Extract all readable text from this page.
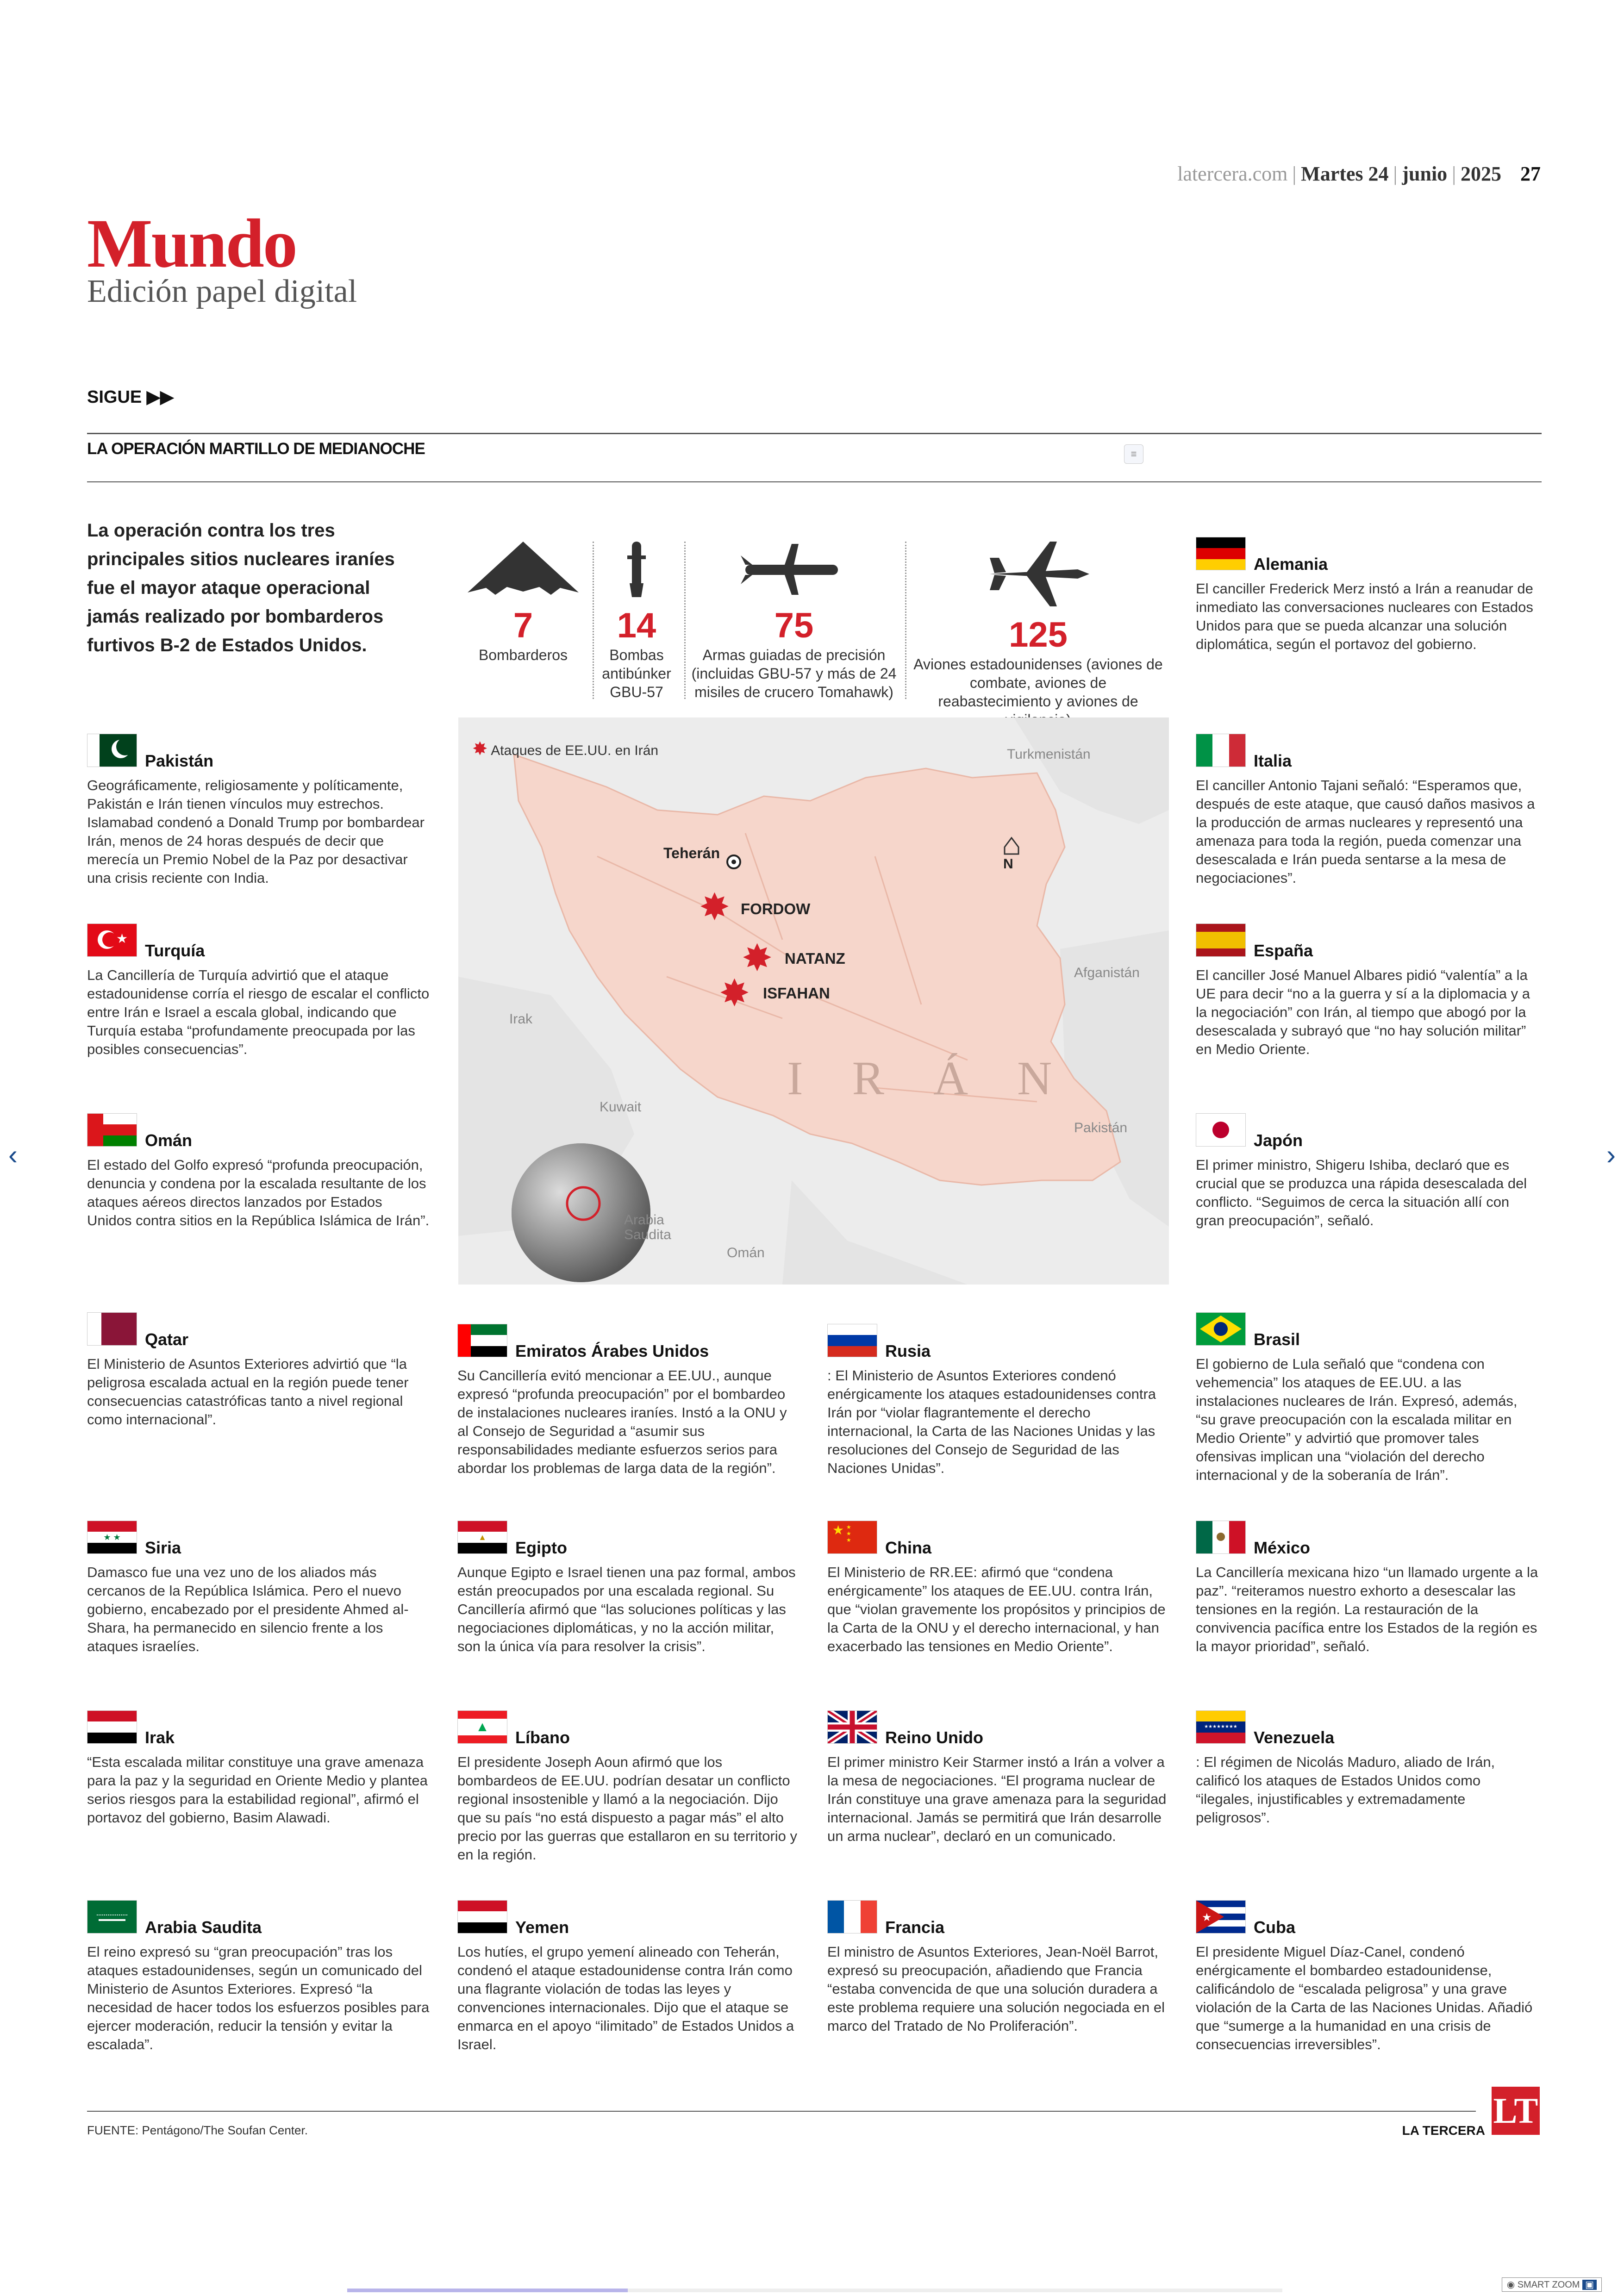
latercera.com | Martes 24 | junio | 2025 27
Mundo
Edición papel digital
SIGUE ▶▶
LA OPERACIÓN MARTILLO DE MEDIANOCHE	≡
La operación contra los tres principales sitios nucleares iraníes fue el mayor ataque operacional jamás realizado por bombarderos furtivos B-2 de Estados Unidos.	7
Bombarderos
14
Bombas antibúnker GBU-57
75
Armas guiadas de precisión (incluidas GBU-57 y más de 24 misiles de crucero Tomahawk)
125
Aviones estadounidenses (aviones de combate, aviones de reabastecimiento y aviones de
✸ Ataques de EE.UU. en Irán	Turkmenistán
Teherán
N
✸ FORDOW
✸ NATANZ
✸ ISFAHAN
Afganistán
Irak
I R Á N
Pakistán
Kuwait
Arabia Saudita
Omán
Pakistán
Geográficamente, religiosamente y políticamente, Pakistán e Irán tienen vínculos muy estrechos. Islamabad condenó a Donald Trump por bombardear Irán, menos de 24 horas después de decir que merecía un Premio Nobel de la Paz por desactivar una crisis reciente con India.
★
Turquía
La Cancillería de Turquía advirtió que el ataque estadounidense corría el riesgo de escalar el conflicto entre Irán e Israel a escala global, indicando que Turquía estaba “profundamente preocupada por las posibles consecuencias”.
Omán
El estado del Golfo expresó “profunda preocupación, denuncia y condena por la escalada resultante de los ataques aéreos directos lanzados por Estados Unidos contra sitios en la República Islámica de Irán”.
Qatar
El Ministerio de Asuntos Exteriores advirtió que “la peligrosa escalada actual en la región puede tener consecuencias catastróficas tanto a nivel regional como internacional”.
★ ★
Siria
Damasco fue una vez uno de los aliados más cercanos de la República Islámica. Pero el nuevo gobierno, encabezado por el presidente Ahmed al-Shara, ha permanecido en silencio frente a los ataques israelíes.
Irak
“Esta escalada militar constituye una grave amenaza para la paz y la seguridad en Oriente Medio y plantea serios riesgos para la estabilidad regional”, afirmó el portavoz del gobierno, Basim Alawadi.
Arabia Saudita
El reino expresó su “gran preocupación” tras los ataques estadounidenses, según un comunicado del Ministerio de Asuntos Exteriores. Expresó “la necesidad de hacer todos los esfuerzos posibles para ejercer moderación, reducir la tensión y evitar la escalada”.
Emiratos Árabes Unidos
Su Cancillería evitó mencionar a EE.UU., aunque expresó “profunda preocupación” por el bombardeo de instalaciones nucleares iraníes. Instó a la ONU y al Consejo de Seguridad a “asumir sus responsabilidades mediante esfuerzos serios para abordar los problemas de larga data de la región”.
▲
Egipto
Aunque Egipto e Israel tienen una paz formal, ambos están preocupados por una escalada regional. Su Cancillería afirmó que “las soluciones políticas y las negociaciones diplomáticas, y no la acción militar, son la única vía para resolver la crisis”.
▲
Líbano
El presidente Joseph Aoun afirmó que los bombardeos de EE.UU. podrían desatar un conflicto regional insostenible y llamó a la negociación. Dijo que su país “no está dispuesto a pagar más” el alto precio por las guerras que estallaron en su territorio y en la región.
Yemen
Los hutíes, el grupo yemení alineado con Teherán, condenó el ataque estadounidense contra Irán como una flagrante violación de todas las leyes y convenciones internacionales. Dijo que el ataque se enmarca en el apoyo “ilimitado” de Estados Unidos a Israel.
Rusia
: El Ministerio de Asuntos Exteriores condenó enérgicamente los ataques estadounidenses contra Irán por “violar flagrantemente el derecho internacional, la Carta de las Naciones Unidas y las resoluciones del Consejo de Seguridad de las Naciones Unidas”.
★ ★
★
★ China
El Ministerio de RR.EE: afirmó que “condena enérgicamente” los ataques de EE.UU. contra Irán, que “violan gravemente los propósitos y principios de la Carta de la ONU y el derecho internacional, y han exacerbado las tensiones en Medio Oriente”.
Reino Unido
El primer ministro Keir Starmer instó a Irán a volver a la mesa de negociaciones. “El programa nuclear de Irán constituye una grave amenaza para la seguridad internacional. Jamás se permitirá que Irán desarrolle un arma nuclear”, declaró en un comunicado.
Francia
El ministro de Asuntos Exteriores, Jean-Noël Barrot, expresó su preocupación, añadiendo que Francia “estaba convencida de que una solución duradera a este problema requiere una solución negociada en el marco del Tratado de No Proliferación”.
Alemania
El canciller Frederick Merz instó a Irán a reanudar de inmediato las conversaciones nucleares con Estados Unidos para que se pueda alcanzar una solución diplomática, según el portavoz del gobierno.
Italia
El canciller Antonio Tajani señaló: “Esperamos que, después de este ataque, que causó daños masivos a la producción de armas nucleares y representó una amenaza para toda la región, pueda comenzar una desescalada e Irán pueda sentarse a la mesa de negociaciones”.
España
El canciller José Manuel Albares pidió “valentía” a la UE para decir “no a la guerra y sí a la diplomacia y a la negociación” con Irán, al tiempo que abogó por la desescalada y subrayó que “no hay solución militar” en Medio Oriente.
Japón
El primer ministro, Shigeru Ishiba, declaró que es crucial que se produzca una rápida desescalada del conflicto. “Seguimos de cerca la situación allí con gran preocupación”, señaló.
Brasil
El gobierno de Lula señaló que “condena con vehemencia” los ataques de EE.UU. a las instalaciones nucleares de Irán. Expresó, además, “su grave preocupación con la escalada militar en Medio Oriente” y advirtió que promover tales ofensivas implican una “violación del derecho internacional y de la soberanía de Irán”.
México
La Cancillería mexicana hizo “un llamado urgente a la paz”. “reiteramos nuestro exhorto a desescalar las tensiones en la región. La restauración de la convivencia pacífica entre los Estados de la región es la mayor prioridad”, señaló.
★★★★★★★★
Venezuela
: El régimen de Nicolás Maduro, aliado de Irán, calificó los ataques de Estados Unidos como “ilegales, injustificables y extremadamente peligrosos”.
★
Cuba
El presidente Miguel Díaz-Canel, condenó enérgicamente el bombardeo estadounidense, calificándolo de “escalada peligrosa” y una grave violación de la Carta de las Naciones Unidas. Añadió que “sumerge a la humanidad en una crisis de consecuencias irreversibles”.
FUENTE: Pentágono/The Soufan Center.	LA TERCERA LT
‹	›
◉ SMART ZOOM ▣
